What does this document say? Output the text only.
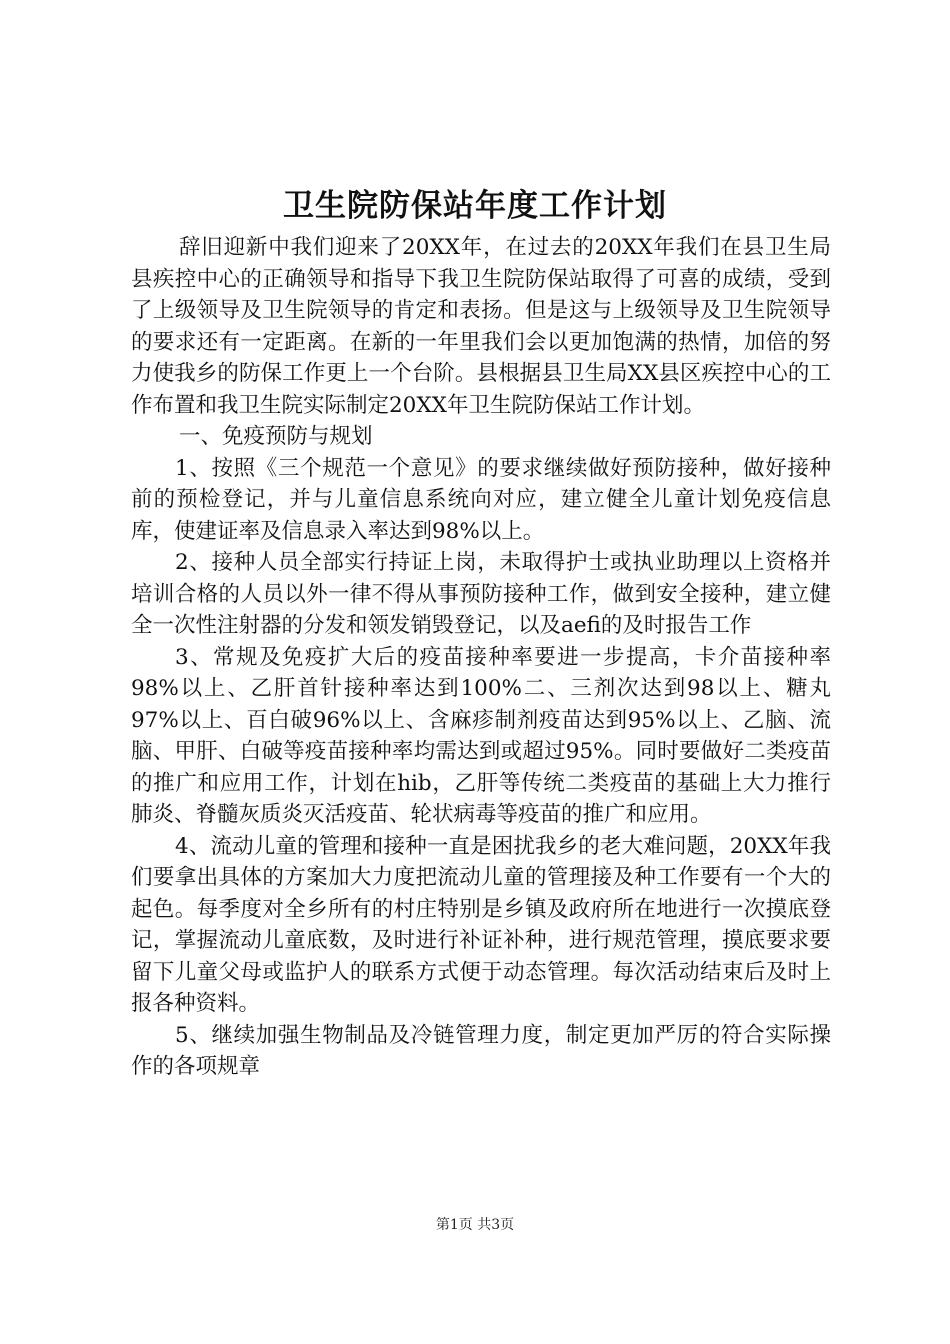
卫生院防保站年度工作计划

辞旧迎新中我们迎来了20XX年，在过去的20XX年我们在县卫生局县疾控中心的正确领导和指导下我卫生院防保站取得了可喜的成绩，受到了上级领导及卫生院领导的肯定和表扬。但是这与上级领导及卫生院领导的要求还有一定距离。在新的一年里我们会以更加饱满的热情，加倍的努力使我乡的防保工作更上一个台阶。县根据县卫生局XX县区疾控中心的工作布置和我卫生院实际制定20XX年卫生院防保站工作计划。

一、免疫预防与规划

1、按照《三个规范一个意见》的要求继续做好预防接种，做好接种前的预检登记，并与儿童信息系统向对应，建立健全儿童计划免疫信息库，使建证率及信息录入率达到98%以上。

2、接种人员全部实行持证上岗，未取得护士或执业助理以上资格并培训合格的人员以外一律不得从事预防接种工作，做到安全接种，建立健全一次性注射器的分发和领发销毁登记，以及aefi的及时报告工作

3、常规及免疫扩大后的疫苗接种率要进一步提高，卡介苗接种率98%以上、乙肝首针接种率达到100%二、三剂次达到98以上、糖丸97%以上、百白破96%以上、含麻疹制剂疫苗达到95%以上、乙脑、流脑、甲肝、白破等疫苗接种率均需达到或超过95%。同时要做好二类疫苗的推广和应用工作，计划在hib，乙肝等传统二类疫苗的基础上大力推行肺炎、脊髓灰质炎灭活疫苗、轮状病毒等疫苗的推广和应用。

4、流动儿童的管理和接种一直是困扰我乡的老大难问题，20XX年我们要拿出具体的方案加大力度把流动儿童的管理接及种工作要有一个大的起色。每季度对全乡所有的村庄特别是乡镇及政府所在地进行一次摸底登记，掌握流动儿童底数，及时进行补证补种，进行规范管理，摸底要求要留下儿童父母或监护人的联系方式便于动态管理。每次活动结束后及时上报各种资料。

5、继续加强生物制品及冷链管理力度，制定更加严厉的符合实际操作的各项规章

第1页 共3页
